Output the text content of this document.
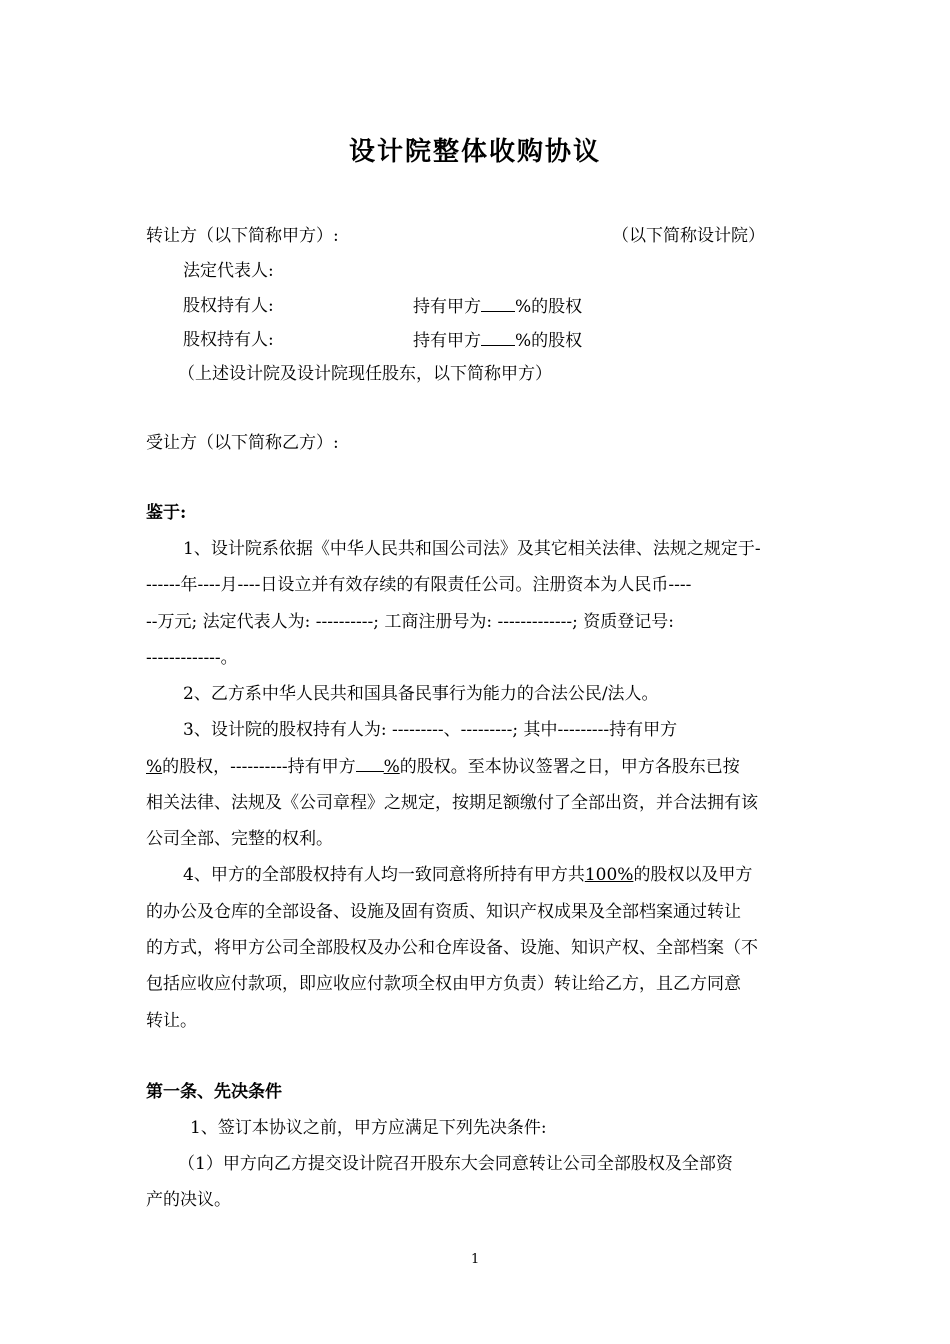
设计院整体收购协议
转让方（以下简称甲方）:	（以下简称设计院）
法定代表人:
股权持有人:	持有甲方 %的股权
股权持有人:	持有甲方 %的股权
（上述设计院及设计院现任股东，以下简称甲方）
受让方（以下简称乙方）:
鉴于:
1、设计院系依据《中华人民共和国公司法》及其它相关法律、法规之规定于-
------年----月----日设立并有效存续的有限责任公司。注册资本为人民币----
--万元; 法定代表人为: ----------; 工商注册号为: -------------; 资质登记号:
-------------。
2、乙方系中华人民共和国具备民事行为能力的合法公民/法人。
3、设计院的股权持有人为: ---------、---------; 其中---------持有甲方
%的股权，----------持有甲方 %的股权。至本协议签署之日，甲方各股东已按
相关法律、法规及《公司章程》之规定，按期足额缴付了全部出资，并合法拥有该
公司全部、完整的权利。
4、甲方的全部股权持有人均一致同意将所持有甲方共100%的股权以及甲方
的办公及仓库的全部设备、设施及固有资质、知识产权成果及全部档案通过转让
的方式，将甲方公司全部股权及办公和仓库设备、设施、知识产权、全部档案（不
包括应收应付款项，即应收应付款项全权由甲方负责）转让给乙方，且乙方同意
转让。
第一条、先决条件
1、签订本协议之前，甲方应满足下列先决条件:
（1）甲方向乙方提交设计院召开股东大会同意转让公司全部股权及全部资
产的决议。
1
